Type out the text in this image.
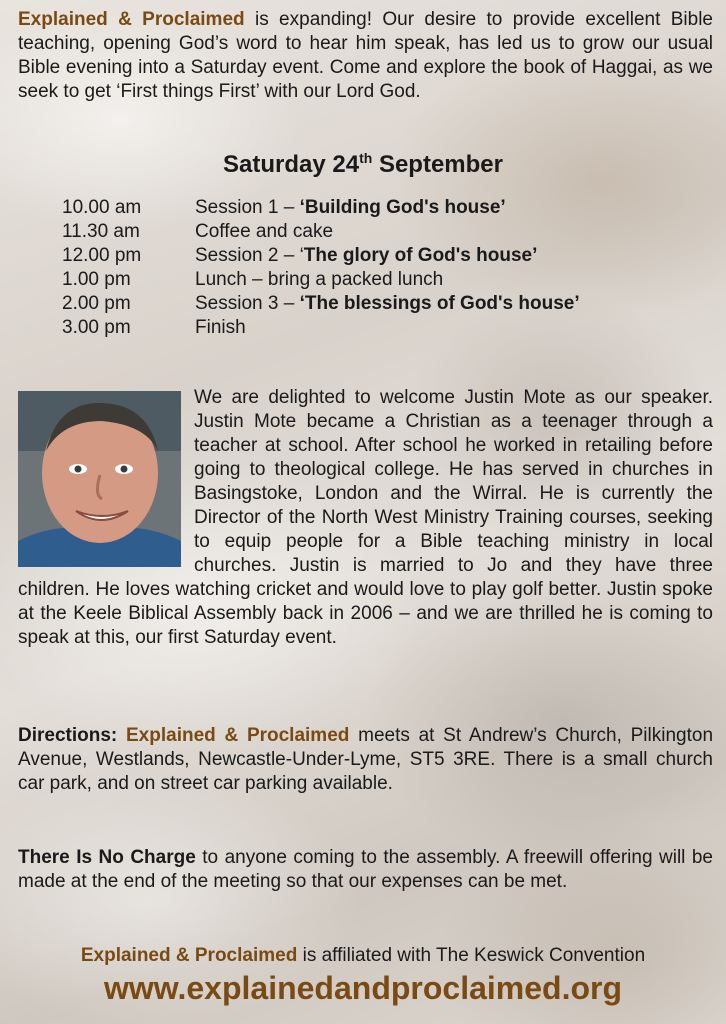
Explained & Proclaimed is expanding! Our desire to provide excellent Bible teaching, opening God’s word to hear him speak, has led us to grow our usual Bible evening into a Saturday event. Come and explore the book of Haggai, as we seek to get ‘First things First’ with our Lord God.
Saturday 24th September
10.00 am	Session 1 – ‘Building God's house’
11.30 am	Coffee and cake
12.00 pm	Session 2 – ‘The glory of God's house’
1.00 pm	Lunch – bring a packed lunch
2.00 pm	Session 3 – ‘The blessings of God's house’
3.00 pm	Finish
We are delighted to welcome Justin Mote as our speaker. Justin Mote became a Christian as a teenager through a teacher at school. After school he worked in retailing before going to theological college. He has served in churches in Basingstoke, London and the Wirral. He is currently the Director of the North West Ministry Training courses, seeking to equip people for a Bible teaching ministry in local churches. Justin is married to Jo and they have three children. He loves watching cricket and would love to play golf better. Justin spoke at the Keele Biblical Assembly back in 2006 – and we are thrilled he is coming to speak at this, our first Saturday event.
Directions: Explained & Proclaimed meets at St Andrew’s Church, Pilkington Avenue, Westlands, Newcastle-Under-Lyme, ST5 3RE. There is a small church car park, and on street car parking available.
There Is No Charge to anyone coming to the assembly. A freewill offering will be made at the end of the meeting so that our expenses can be met.
Explained & Proclaimed is affiliated with The Keswick Convention
www.explainedandproclaimed.org
